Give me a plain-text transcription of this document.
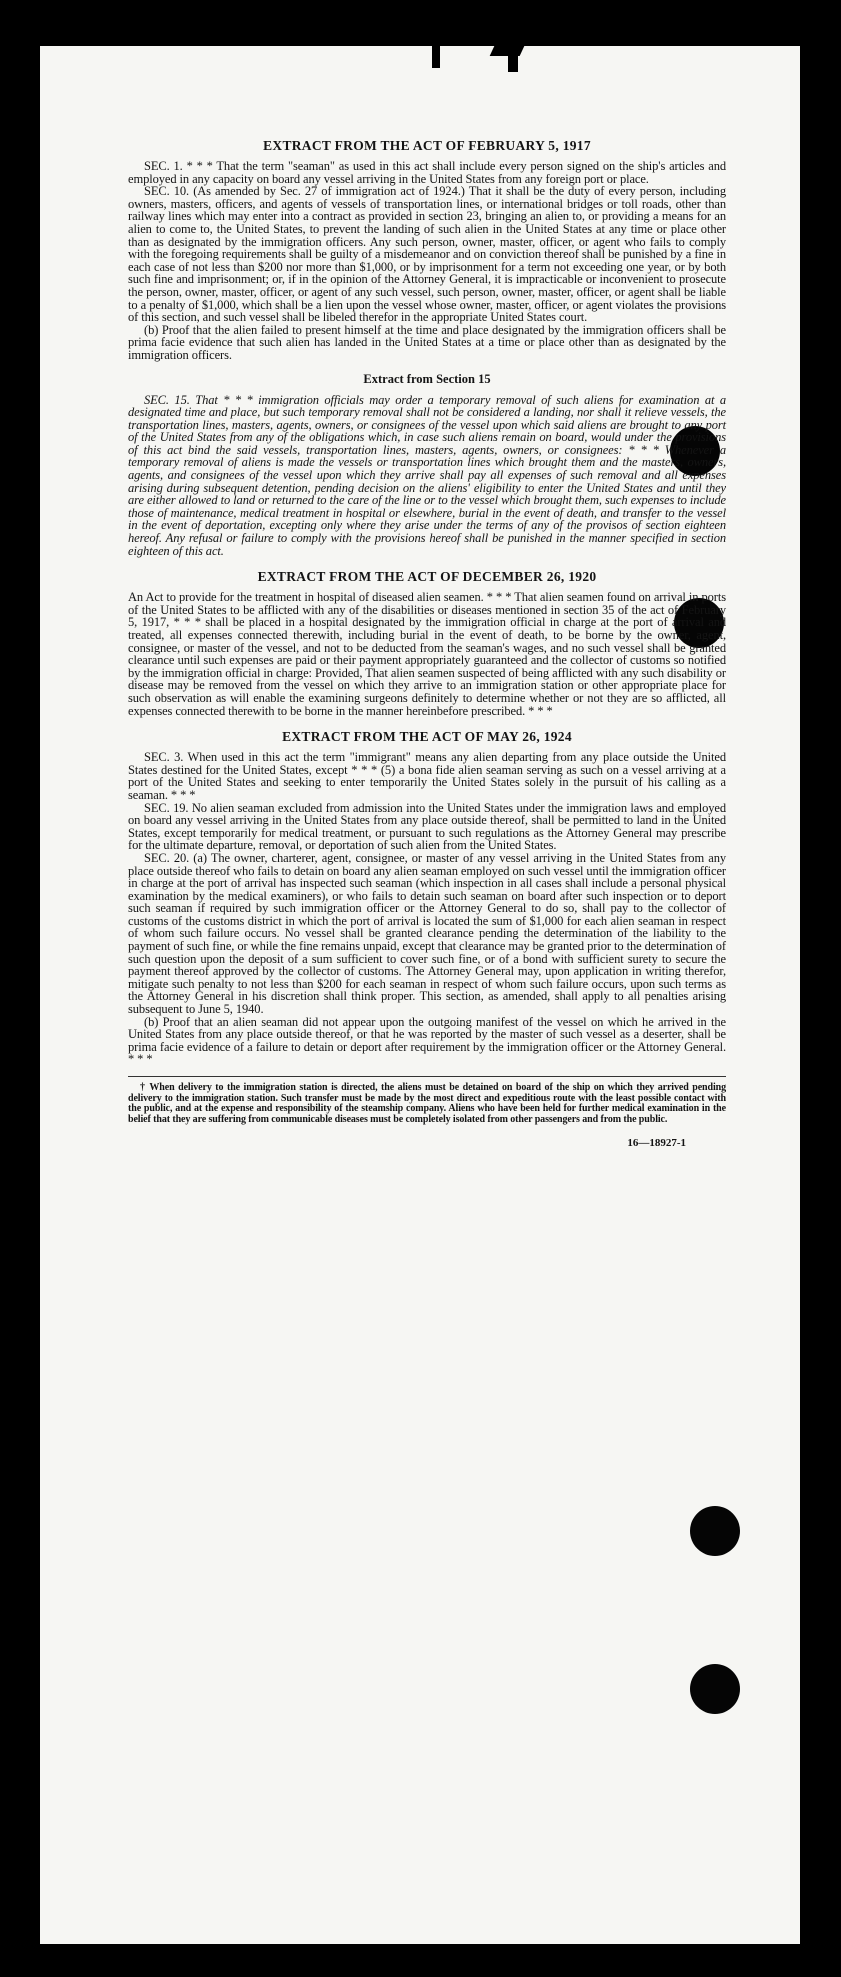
EXTRACT FROM THE ACT OF FEBRUARY 5, 1917

SEC. 1. * * * That the term "seaman" as used in this act shall include every person signed on the ship's articles and employed in any capacity on board any vessel arriving in the United States from any foreign port or place.

SEC. 10. (As amended by Sec. 27 of immigration act of 1924.) That it shall be the duty of every person, including owners, masters, officers, and agents of vessels of transportation lines, or international bridges or toll roads, other than railway lines which may enter into a contract as provided in section 23, bringing an alien to, or providing a means for an alien to come to, the United States, to prevent the landing of such alien in the United States at any time or place other than as designated by the immigration officers. Any such person, owner, master, officer, or agent who fails to comply with the foregoing requirements shall be guilty of a misdemeanor and on conviction thereof shall be punished by a fine in each case of not less than $200 nor more than $1,000, or by imprisonment for a term not exceeding one year, or by both such fine and imprisonment; or, if in the opinion of the Attorney General, it is impracticable or inconvenient to prosecute the person, owner, master, officer, or agent of any such vessel, such person, owner, master, officer, or agent shall be liable to a penalty of $1,000, which shall be a lien upon the vessel whose owner, master, officer, or agent violates the provisions of this section, and such vessel shall be libeled therefor in the appropriate United States court.

(b) Proof that the alien failed to present himself at the time and place designated by the immigration officers shall be prima facie evidence that such alien has landed in the United States at a time or place other than as designated by the immigration officers.

Extract from Section 15

SEC. 15. That * * * immigration officials may order a temporary removal of such aliens for examination at a designated time and place, but such temporary removal shall not be considered a landing, nor shall it relieve vessels, the transportation lines, masters, agents, owners, or consignees of the vessel upon which said aliens are brought to any port of the United States from any of the obligations which, in case such aliens remain on board, would under the provisions of this act bind the said vessels, transportation lines, masters, agents, owners, or consignees: * * * Whenever a temporary removal of aliens is made the vessels or transportation lines which brought them and the masters, owners, agents, and consignees of the vessel upon which they arrive shall pay all expenses of such removal and all expenses arising during subsequent detention, pending decision on the aliens' eligibility to enter the United States and until they are either allowed to land or returned to the care of the line or to the vessel which brought them, such expenses to include those of maintenance, medical treatment in hospital or elsewhere, burial in the event of death, and transfer to the vessel in the event of deportation, excepting only where they arise under the terms of any of the provisos of section eighteen hereof. Any refusal or failure to comply with the provisions hereof shall be punished in the manner specified in section eighteen of this act.

EXTRACT FROM THE ACT OF DECEMBER 26, 1920

An Act to provide for the treatment in hospital of diseased alien seamen. * * * That alien seamen found on arrival in ports of the United States to be afflicted with any of the disabilities or diseases mentioned in section 35 of the act of February 5, 1917, * * * shall be placed in a hospital designated by the immigration official in charge at the port of arrival and treated, all expenses connected therewith, including burial in the event of death, to be borne by the owner, agent, consignee, or master of the vessel, and not to be deducted from the seaman's wages, and no such vessel shall be granted clearance until such expenses are paid or their payment appropriately guaranteed and the collector of customs so notified by the immigration official in charge: Provided, That alien seamen suspected of being afflicted with any such disability or disease may be removed from the vessel on which they arrive to an immigration station or other appropriate place for such observation as will enable the examining surgeons definitely to determine whether or not they are so afflicted, all expenses connected therewith to be borne in the manner hereinbefore prescribed. * * *

EXTRACT FROM THE ACT OF MAY 26, 1924

SEC. 3. When used in this act the term "immigrant" means any alien departing from any place outside the United States destined for the United States, except * * * (5) a bona fide alien seaman serving as such on a vessel arriving at a port of the United States and seeking to enter temporarily the United States solely in the pursuit of his calling as a seaman. * * *

SEC. 19. No alien seaman excluded from admission into the United States under the immigration laws and employed on board any vessel arriving in the United States from any place outside thereof, shall be permitted to land in the United States, except temporarily for medical treatment, or pursuant to such regulations as the Attorney General may prescribe for the ultimate departure, removal, or deportation of such alien from the United States.

SEC. 20. (a) The owner, charterer, agent, consignee, or master of any vessel arriving in the United States from any place outside thereof who fails to detain on board any alien seaman employed on such vessel until the immigration officer in charge at the port of arrival has inspected such seaman (which inspection in all cases shall include a personal physical examination by the medical examiners), or who fails to detain such seaman on board after such inspection or to deport such seaman if required by such immigration officer or the Attorney General to do so, shall pay to the collector of customs of the customs district in which the port of arrival is located the sum of $1,000 for each alien seaman in respect of whom such failure occurs. No vessel shall be granted clearance pending the determination of the liability to the payment of such fine, or while the fine remains unpaid, except that clearance may be granted prior to the determination of such question upon the deposit of a sum sufficient to cover such fine, or of a bond with sufficient surety to secure the payment thereof approved by the collector of customs. The Attorney General may, upon application in writing therefor, mitigate such penalty to not less than $200 for each seaman in respect of whom such failure occurs, upon such terms as the Attorney General in his discretion shall think proper. This section, as amended, shall apply to all penalties arising subsequent to June 5, 1940.

(b) Proof that an alien seaman did not appear upon the outgoing manifest of the vessel on which he arrived in the United States from any place outside thereof, or that he was reported by the master of such vessel as a deserter, shall be prima facie evidence of a failure to detain or deport after requirement by the immigration officer or the Attorney General. * * *

† When delivery to the immigration station is directed, the aliens must be detained on board of the ship on which they arrived pending delivery to the immigration station. Such transfer must be made by the most direct and expeditious route with the least possible contact with the public, and at the expense and responsibility of the steamship company. Aliens who have been held for further medical examination in the belief that they are suffering from communicable diseases must be completely isolated from other passengers and from the public.

16—18927-1
